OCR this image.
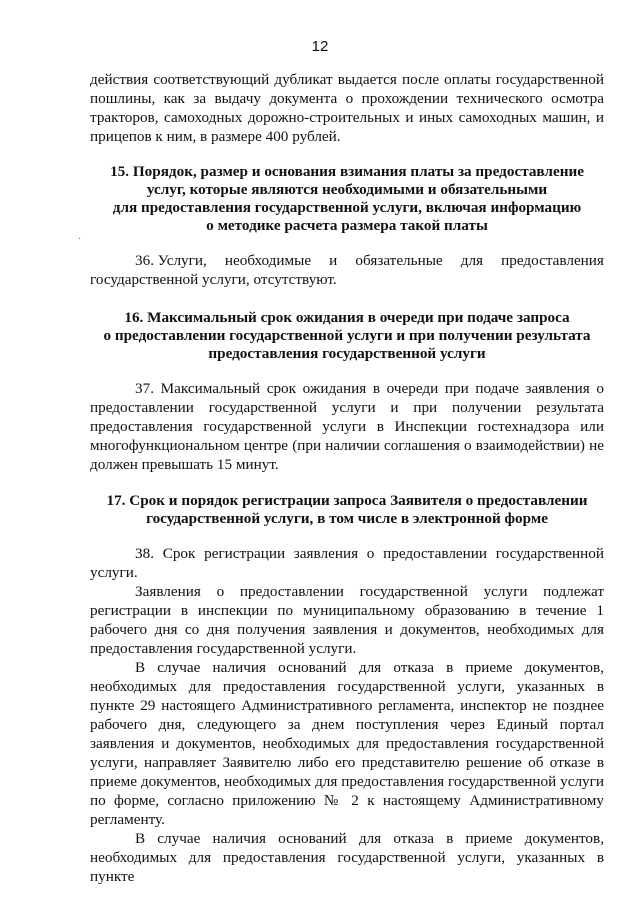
12
·

действия соответствующий дубликат выдается после оплаты государственной пошлины, как за выдачу документа о прохождении технического осмотра тракторов, самоходных дорожно-строительных и иных самоходных машин, и прицепов к ним, в размере 400 рублей.

15. Порядок, размер и основания взимания платы за предоставление
услуг, которые являются необходимыми и обязательными
для предоставления государственной услуги, включая информацию
о методике расчета размера такой платы
36. Услуги, необходимые и обязательные для предоставления

государственной услуги, отсутствуют.

16. Максимальный срок ожидания в очереди при подаче запроса
о предоставлении государственной услуги и при получении результата
предоставления государственной услуги

37. Максимальный срок ожидания в очереди при подаче заявления о предоставлении государственной услуги и при получении результата предоставления государственной услуги в Инспекции гостехнадзора или многофункциональном центре (при наличии соглашения о взаимодействии) не должен превышать 15 минут.

17. Срок и порядок регистрации запроса Заявителя о предоставлении
государственной услуги, в том числе в электронной форме

38. Срок регистрации заявления о предоставлении государственной услуги.

Заявления о предоставлении государственной услуги подлежат регистрации в инспекции по муниципальному образованию в течение 1 рабочего дня со дня получения заявления и документов, необходимых для предоставления государственной услуги.

В случае наличия оснований для отказа в приеме документов, необходимых для предоставления государственной услуги, указанных в пункте 29 настоящего Административного регламента, инспектор не позднее рабочего дня, следующего за днем поступления через Единый портал заявления и документов, необходимых для предоставления государственной услуги, направляет Заявителю либо его представителю решение об отказе в приеме документов, необходимых для предоставления государственной услуги по форме, согласно приложению № 2 к настоящему Административному регламенту.

В случае наличия оснований для отказа в приеме документов, необходимых для предоставления государственной услуги, указанных в пункте
